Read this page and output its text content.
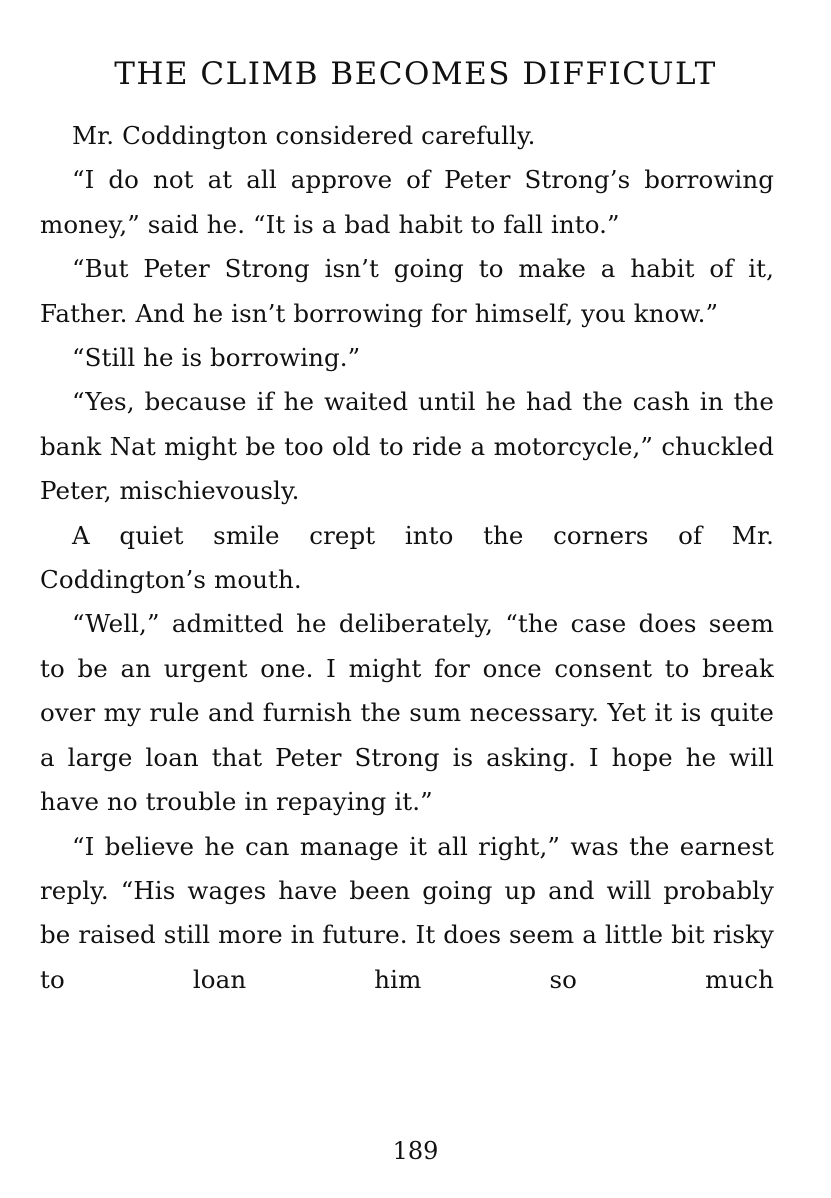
THE CLIMB BECOMES DIFFICULT

Mr. Coddington considered carefully.

“I do not at all approve of Peter Strong’s borrowing money,” said he. “It is a bad habit to fall into.”

“But Peter Strong isn’t going to make a habit of it, Father. And he isn’t borrowing for himself, you know.”

“Still he is borrowing.”

“Yes, because if he waited until he had the cash in the bank Nat might be too old to ride a motorcycle,” chuckled Peter, mischievously.

A quiet smile crept into the corners of Mr. Coddington’s mouth.

“Well,” admitted he deliberately, “the case does seem to be an urgent one. I might for once consent to break over my rule and furnish the sum necessary. Yet it is quite a large loan that Peter Strong is asking. I hope he will have no trouble in repaying it.”

“I believe he can manage it all right,” was the earnest reply. “His wages have been going up and will probably be raised still more in future. It does seem a little bit risky to loan him so much

189
